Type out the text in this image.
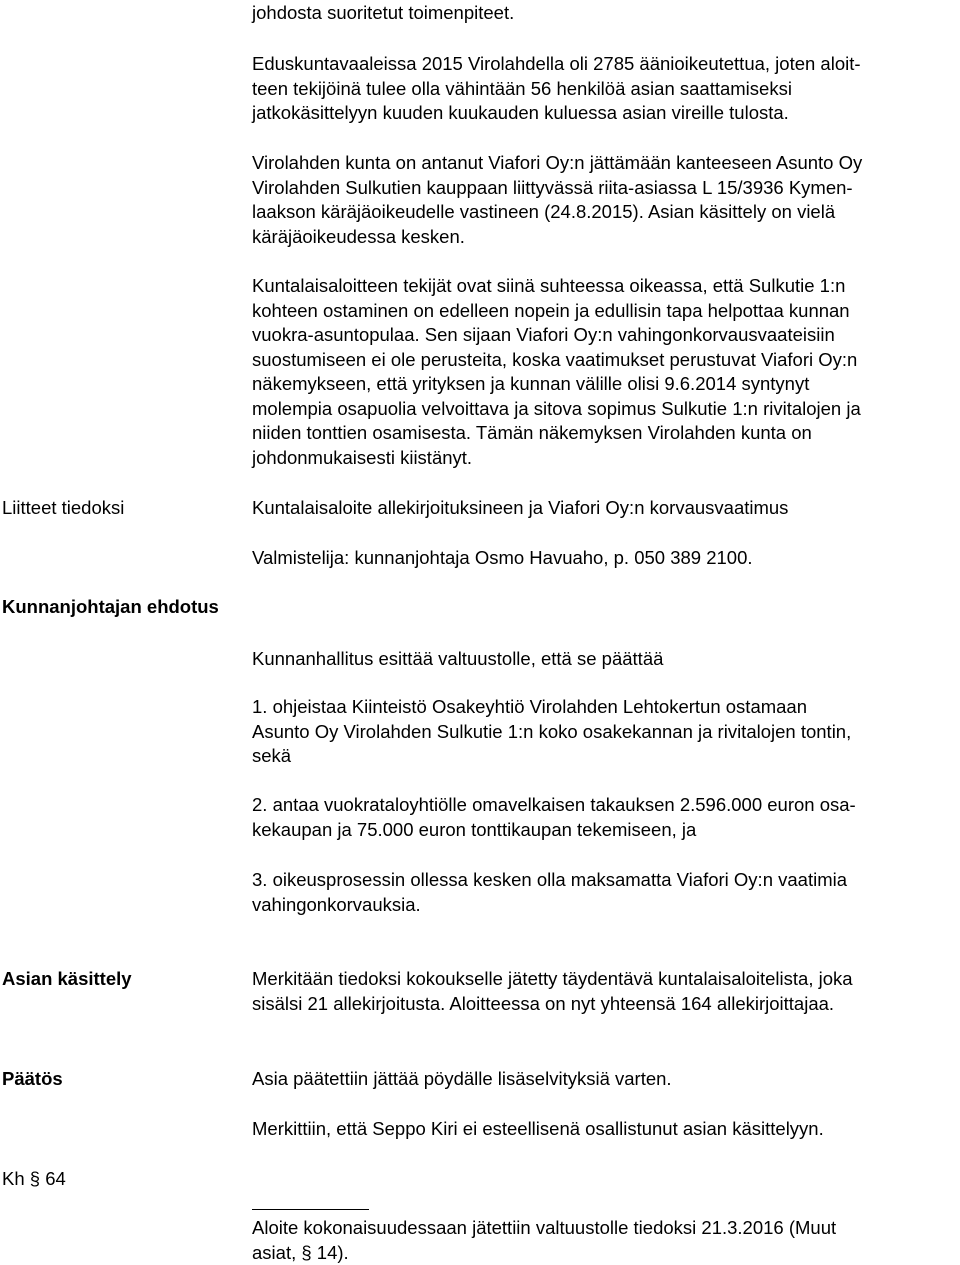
johdosta suoritetut toimenpiteet.

Eduskuntavaaleissa 2015 Virolahdella oli 2785 äänioikeutettua, joten aloit-
teen tekijöinä tulee olla vähintään 56 henkilöä asian saattamiseksi
jatkokäsittelyyn kuuden kuukauden kuluessa asian vireille tulosta.

Virolahden kunta on antanut Viafori Oy:n jättämään kanteeseen Asunto Oy
Virolahden Sulkutien kauppaan liittyvässä riita-asiassa L 15/3936 Kymen-
laakson käräjäoikeudelle vastineen (24.8.2015). Asian käsittely on vielä
käräjäoikeudessa kesken.

Kuntalaisaloitteen tekijät ovat siinä suhteessa oikeassa, että Sulkutie 1:n
kohteen ostaminen on edelleen nopein ja edullisin tapa helpottaa kunnan
vuokra-asuntopulaa. Sen sijaan Viafori Oy:n vahingonkorvausvaateisiin
suostumiseen ei ole perusteita, koska vaatimukset perustuvat Viafori Oy:n
näkemykseen, että yrityksen ja kunnan välille olisi 9.6.2014 syntynyt
molempia osapuolia velvoittava ja sitova sopimus Sulkutie 1:n rivitalojen ja
niiden tonttien osamisesta. Tämän näkemyksen Virolahden kunta on
johdonmukaisesti kiistänyt.

Liitteet tiedoksi	Kuntalaisaloite allekirjoituksineen ja Viafori Oy:n korvausvaatimus

Valmistelija: kunnanjohtaja Osmo Havuaho, p. 050 389 2100.

Kunnanjohtajan ehdotus

Kunnanhallitus esittää valtuustolle, että se päättää

1. ohjeistaa Kiinteistö Osakeyhtiö Virolahden Lehtokertun ostamaan
Asunto Oy Virolahden Sulkutie 1:n koko osakekannan ja rivitalojen tontin,
sekä

2. antaa vuokrataloyhtiölle omavelkaisen takauksen 2.596.000 euron osa-
kekaupan ja 75.000 euron tonttikaupan tekemiseen, ja

3. oikeusprosessin ollessa kesken olla maksamatta Viafori Oy:n vaatimia
vahingonkorvauksia.

Asian käsittely	Merkitään tiedoksi kokoukselle jätetty täydentävä kuntalaisaloitelista, joka
sisälsi 21 allekirjoitusta. Aloitteessa on nyt yhteensä 164 allekirjoittajaa.

Päätös	Asia päätettiin jättää pöydälle lisäselvityksiä varten.

Merkittiin, että Seppo Kiri ei esteellisenä osallistunut asian käsittelyyn.

Kh § 64

Aloite kokonaisuudessaan jätettiin valtuustolle tiedoksi 21.3.2016 (Muut
asiat, § 14).
